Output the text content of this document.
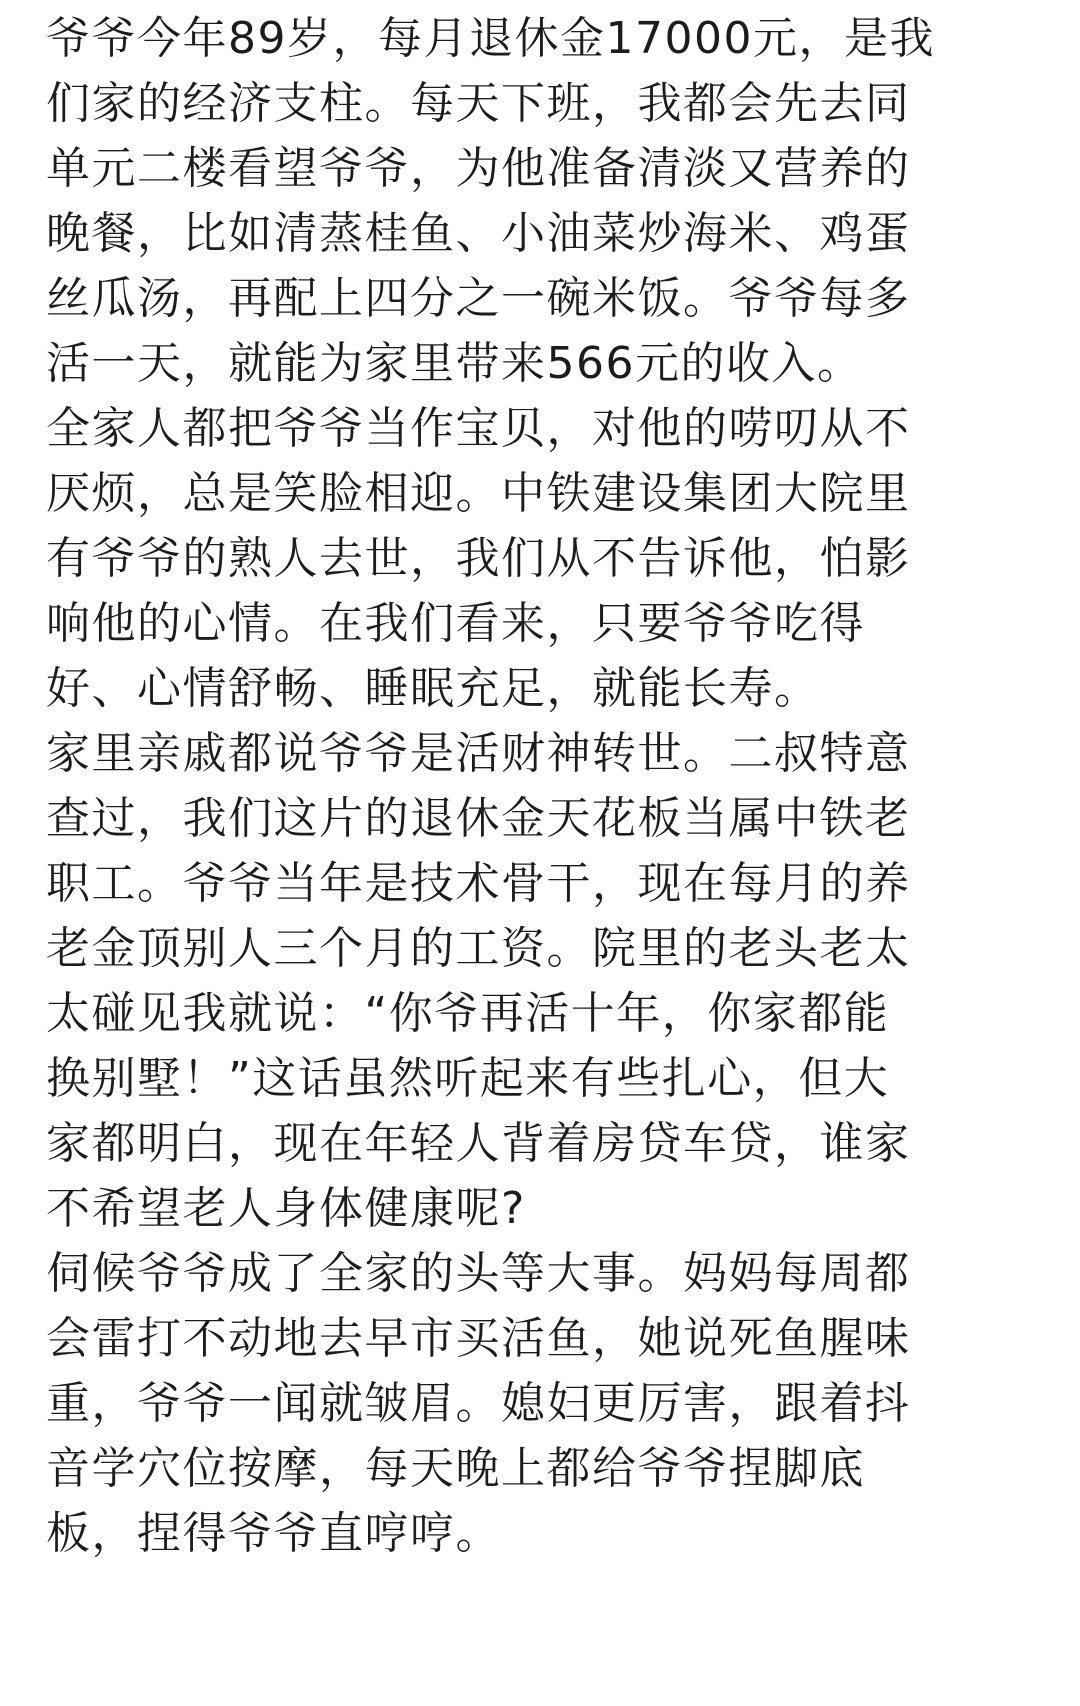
爷爷今年89岁，每月退休金17000元，是我
们家的经济支柱。每天下班，我都会先去同
单元二楼看望爷爷，为他准备清淡又营养的
晚餐，比如清蒸桂鱼、小油菜炒海米、鸡蛋
丝瓜汤，再配上四分之一碗米饭。爷爷每多
活一天，就能为家里带来566元的收入。
全家人都把爷爷当作宝贝，对他的唠叨从不
厌烦，总是笑脸相迎。中铁建设集团大院里
有爷爷的熟人去世，我们从不告诉他，怕影
响他的心情。在我们看来，只要爷爷吃得
好、心情舒畅、睡眠充足，就能长寿。
家里亲戚都说爷爷是活财神转世。二叔特意
查过，我们这片的退休金天花板当属中铁老
职工。爷爷当年是技术骨干，现在每月的养
老金顶别人三个月的工资。院里的老头老太
太碰见我就说：“你爷再活十年，你家都能
换别墅！”这话虽然听起来有些扎心，但大
家都明白，现在年轻人背着房贷车贷，谁家
不希望老人身体健康呢?
伺候爷爷成了全家的头等大事。妈妈每周都
会雷打不动地去早市买活鱼，她说死鱼腥味
重，爷爷一闻就皱眉。媳妇更厉害，跟着抖
音学穴位按摩，每天晚上都给爷爷捏脚底
板，捏得爷爷直哼哼。
